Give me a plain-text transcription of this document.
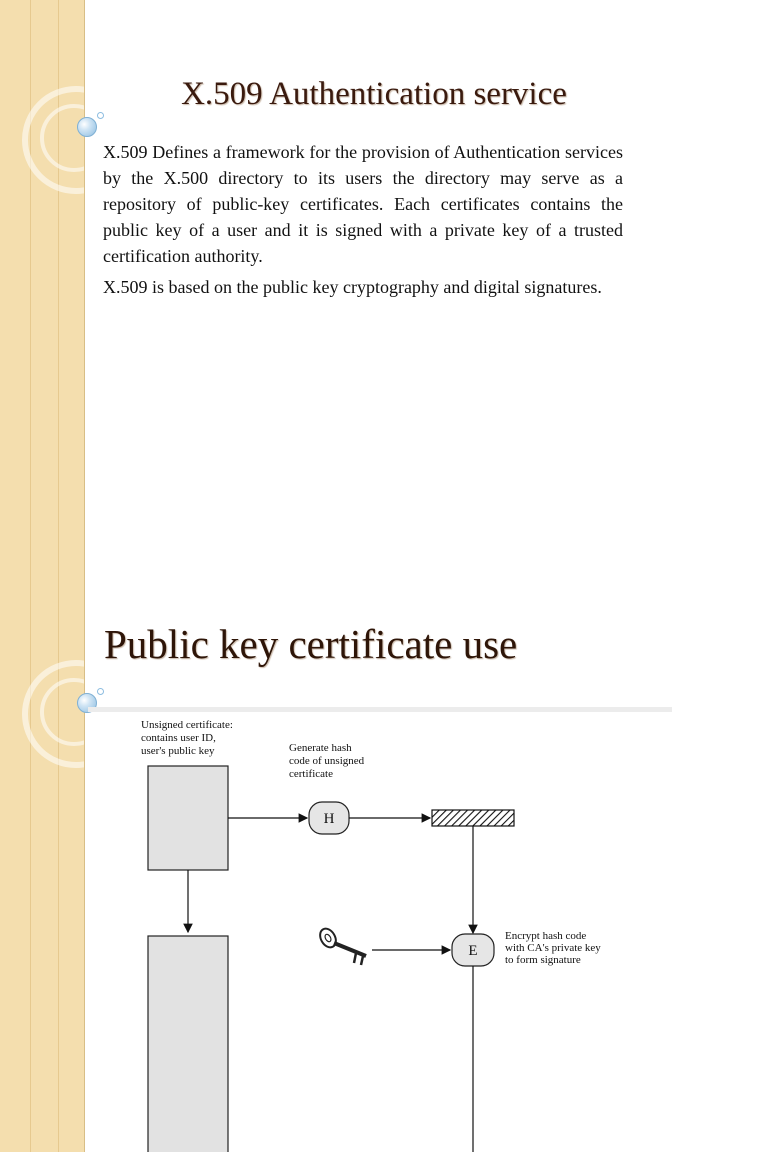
X.509 Authentication service

X.509 Defines a framework for the provision of Authentication services by the X.500 directory to its users the directory may serve as a repository of public-key certificates. Each certificates contains the public key of a user and it is signed with a private key of a trusted certification authority.

X.509 is based on the public key cryptography and digital signatures.

Public key certificate use
Unsigned certificate:
contains user ID,
user's public key	Generate hash
code of unsigned
certificate
H
E
Encrypt hash code
with CA's private key
to form signature
